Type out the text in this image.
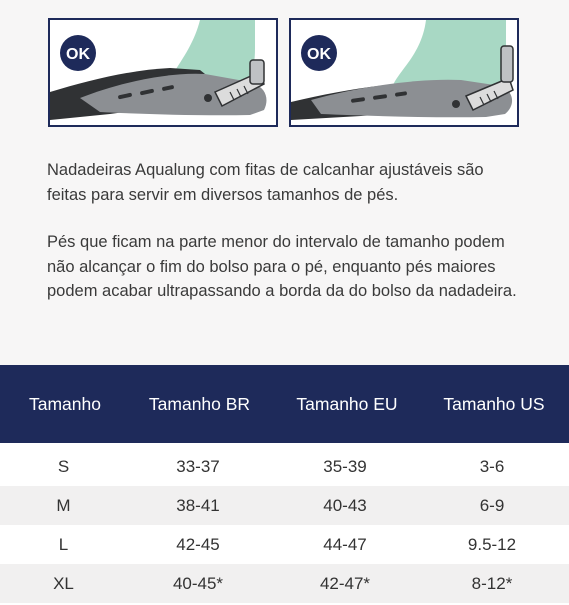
OK	OK
Nadadeiras Aqualung com fitas de calcanhar ajustáveis são feitas para servir em diversos tamanhos de pés.
Pés que ficam na parte menor do intervalo de tamanho podem não alcançar o fim do bolso para o pé, enquanto pés maiores podem acabar ultrapassando a borda da do bolso da nadadeira.
Tamanho	Tamanho BR	Tamanho EU	Tamanho US
S	33-37	35-39	3-6
M	38-41	40-43	6-9
L	42-45	44-47	9.5-12
XL	40-45*	42-47*	8-12*
